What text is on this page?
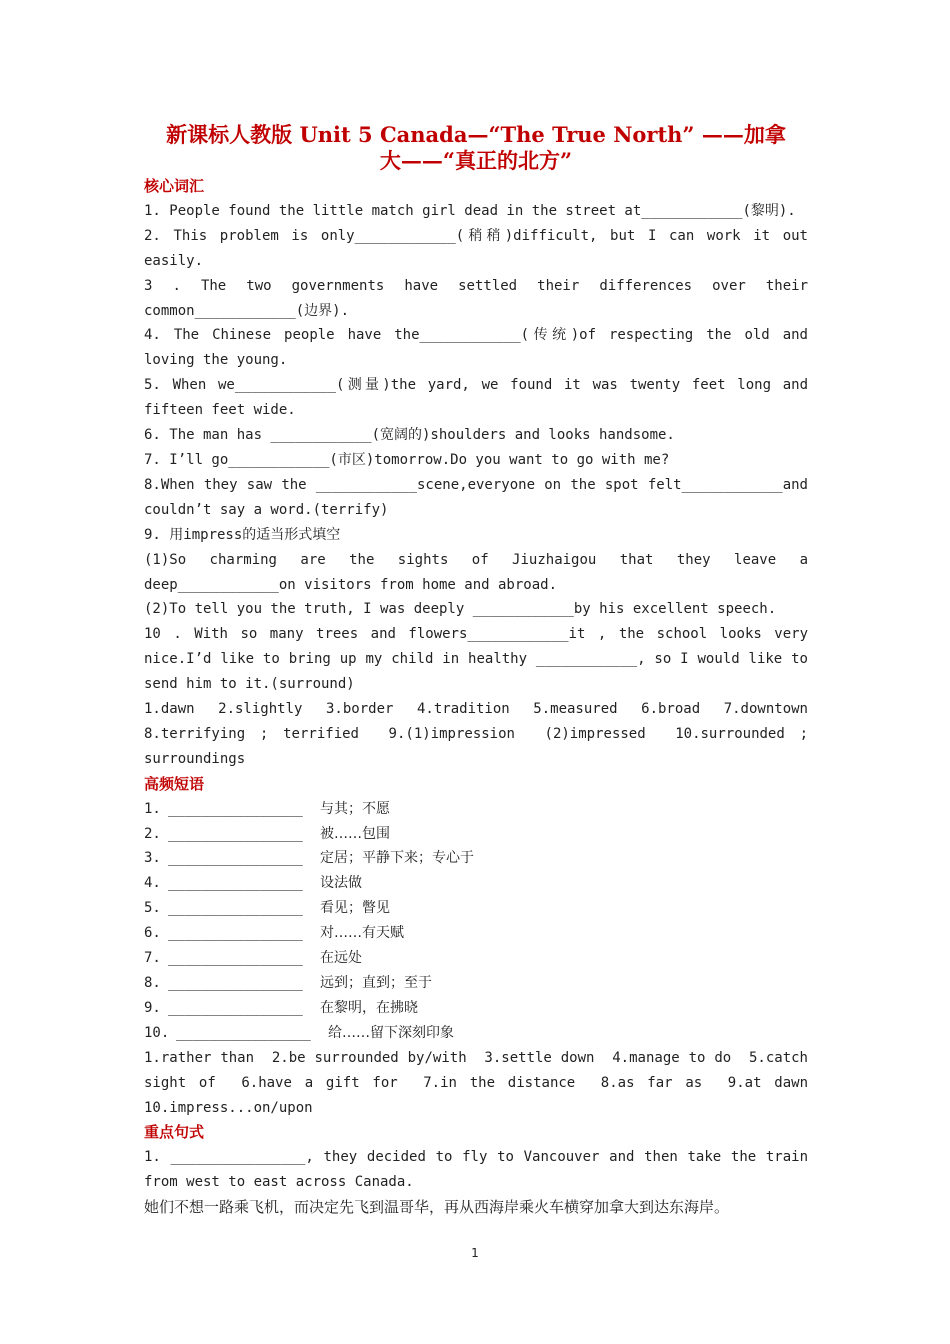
新课标人教版 Unit 5 Canada—“The True North” ——加拿
大——“真正的北方”
核心词汇
1. People found the little match girl dead in the street at____________(黎明).
2. This problem is only____________(稍稍)difficult, but I can work it out
easily.
3 . The two governments have settled their differences over their
common____________(边界).
4. The Chinese people have the____________(传统)of respecting the old and
loving the young.
5. When we____________(测量)the yard, we found it was twenty feet long and
fifteen feet wide.
6. The man has ____________(宽阔的)shoulders and looks handsome.
7. I’ll go____________(市区)tomorrow.Do you want to go with me?
8.When they saw the ____________scene,everyone on the spot felt____________and
couldn’t say a word.(terrify)
9. 用impress的适当形式填空
(1)So charming are the sights of Jiuzhaigou that they leave a
deep____________on visitors from home and abroad.
(2)To tell you the truth, I was deeply ____________by his excellent speech.
10 . With so many trees and flowers____________it , the school looks very
nice.I’d like to bring up my child in healthy ____________, so I would like to
send him to it.(surround)
1.dawn  2.slightly  3.border  4.tradition  5.measured  6.broad  7.downtown
8.terrifying ; terrified  9.(1)impression  (2)impressed  10.surrounded ;
surroundings
高频短语
1. ________________	与其；不愿
2. ________________	被……包围
3. ________________	定居；平静下来；专心于
4. ________________	设法做
5. ________________	看见；瞥见
6. ________________	对……有天赋
7. ________________	在远处
8. ________________	远到；直到；至于
9. ________________	在黎明，在拂晓
10. ________________	给……留下深刻印象
1.rather than  2.be surrounded by/with  3.settle down  4.manage to do  5.catch
sight of  6.have a gift for  7.in the distance  8.as far as  9.at dawn
10.impress...on/upon
重点句式
1. ________________, they decided to fly to Vancouver and then take the train
from west to east across Canada.
她们不想一路乘飞机，而决定先飞到温哥华，再从西海岸乘火车横穿加拿大到达东海岸。
1
